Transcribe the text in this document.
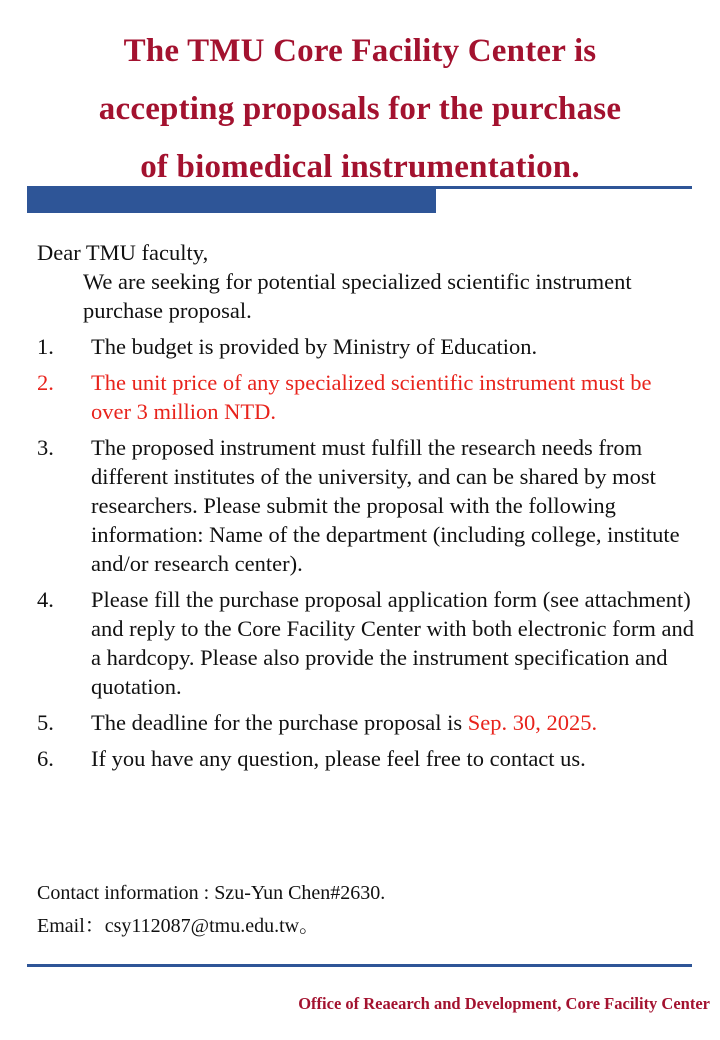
The TMU Core Facility Center is
accepting proposals for the purchase
of biomedical instrumentation.

Dear TMU faculty,

We are seeking for potential specialized scientific instrument purchase proposal.

1.	The budget is provided by Ministry of Education.
2.	The unit price of any specialized scientific instrument must be over 3 million NTD.
3.	The proposed instrument must fulfill the research needs from different institutes of the university, and can be shared by most researchers. Please submit the proposal with the following information: Name of the department (including college, institute and/or research center).
4.	Please fill the purchase proposal application form (see attachment) and reply to the Core Facility Center with both electronic form and a hardcopy. Please also provide the instrument specification and quotation.
5.	The deadline for the purchase proposal is Sep. 30, 2025.
6.	If you have any question, please feel free to contact us.
Contact information : Szu-Yun Chen#2630.
Email：csy112087@tmu.edu.tw。
Office of Reaearch and Development, Core Facility Center
